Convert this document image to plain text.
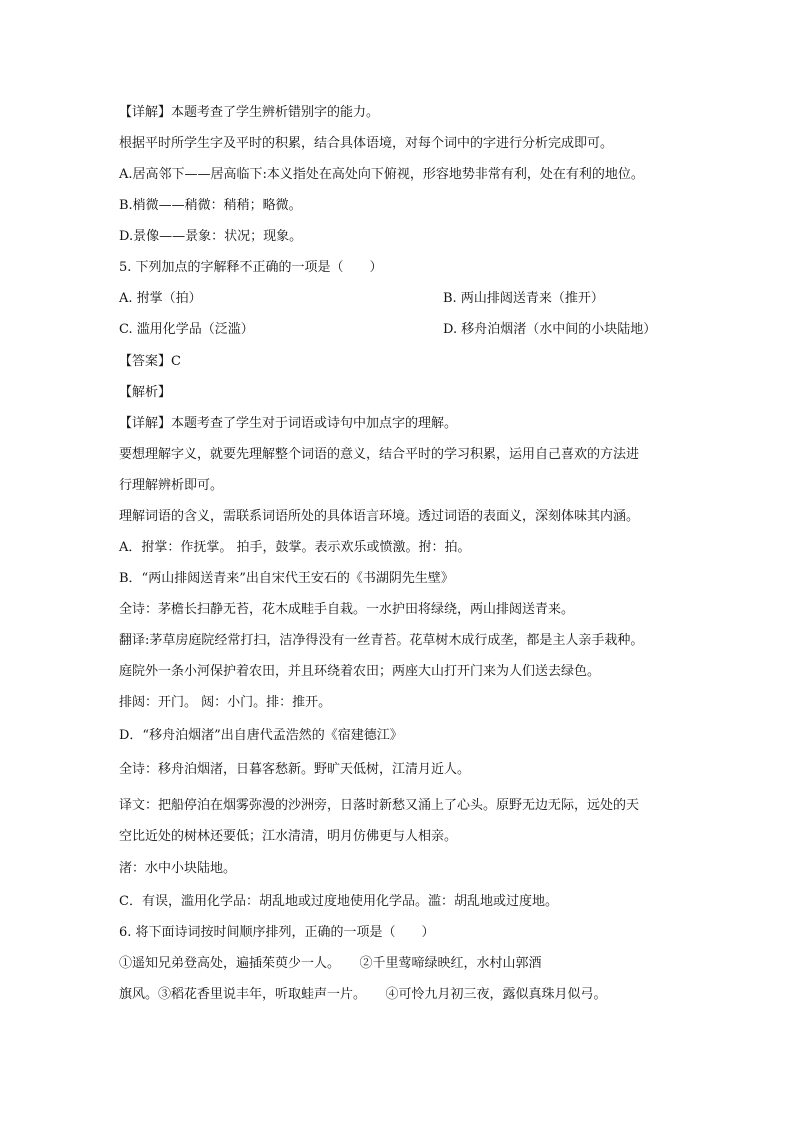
【详解】本题考查了学生辨析错别字的能力。
根据平时所学生字及平时的积累，结合具体语境，对每个词中的字进行分析完成即可。
A.居高邻下——居高临下:本义指处在高处向下俯视，形容地势非常有利，处在有利的地位。
B.梢微——稍微：稍稍；略微。
D.景像——景象：状况；现象。
5. 下列加点的字解释不正确的一项是（　　）
A. 拊掌（拍）	B. 两山排闼送青来（推开）
C. 滥用化学品（泛滥）	D. 移舟泊烟渚（水中间的小块陆地）
【答案】C
【解析】
【详解】本题考查了学生对于词语或诗句中加点字的理解。
要想理解字义，就要先理解整个词语的意义，结合平时的学习积累，运用自己喜欢的方法进
行理解辨析即可。
理解词语的含义，需联系词语所处的具体语言环境。透过词语的表面义，深刻体味其内涵。
A．拊掌：作抚掌。 拍手，鼓掌。表示欢乐或愤激。拊：拍。
B．“两山排闼送青来”出自宋代王安石的《书湖阴先生壁》
全诗：茅檐长扫静无苔，花木成畦手自栽。一水护田将绿绕，两山排闼送青来。
翻译:茅草房庭院经常打扫，洁净得没有一丝青苔。花草树木成行成垄，都是主人亲手栽种。
庭院外一条小河保护着农田，并且环绕着农田；两座大山打开门来为人们送去绿色。
排闼：开门。 闼：小门。排：推开。
D．“移舟泊烟渚”出自唐代孟浩然的《宿建德江》
全诗：移舟泊烟渚，日暮客愁新。野旷天低树，江清月近人。
译文：把船停泊在烟雾弥漫的沙洲旁，日落时新愁又涌上了心头。原野无边无际，远处的天
空比近处的树林还要低；江水清清，明月仿佛更与人相亲。
渚：水中小块陆地。
C．有误，滥用化学品：胡乱地或过度地使用化学品。滥：胡乱地或过度地。
6. 将下面诗词按时间顺序排列，正确的一项是（　　）
①遥知兄弟登高处，遍插茱萸少一人。　　②千里莺啼绿映红，水村山郭酒
旗风。③稻花香里说丰年，听取蛙声一片。　　④可怜九月初三夜，露似真珠月似弓。
